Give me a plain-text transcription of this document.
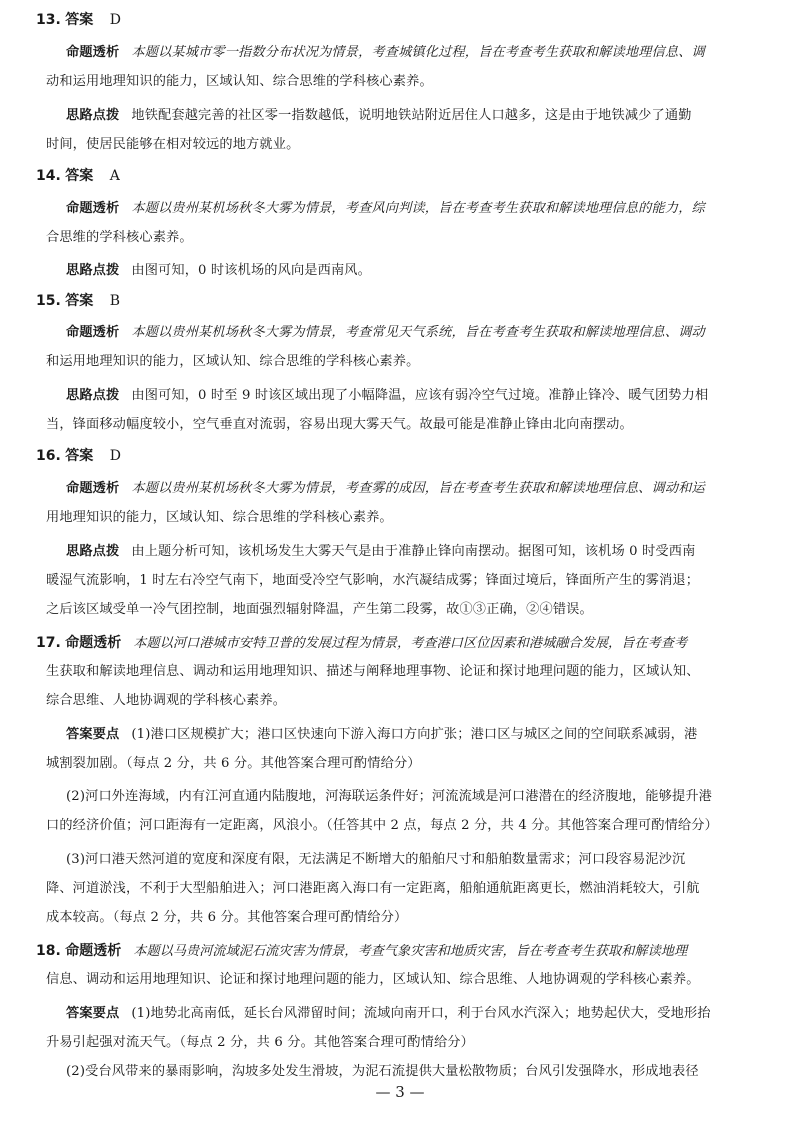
13. 答案 D
命题透析 本题以某城市零一指数分布状况为情景，考查城镇化过程，旨在考查考生获取和解读地理信息、调
动和运用地理知识的能力，区域认知、综合思维的学科核心素养。
思路点拨 地铁配套越完善的社区零一指数越低，说明地铁站附近居住人口越多，这是由于地铁减少了通勤
时间，使居民能够在相对较远的地方就业。
14. 答案 A
命题透析 本题以贵州某机场秋冬大雾为情景，考查风向判读，旨在考查考生获取和解读地理信息的能力，综
合思维的学科核心素养。
思路点拨 由图可知，0 时该机场的风向是西南风。
15. 答案 B
命题透析 本题以贵州某机场秋冬大雾为情景，考查常见天气系统，旨在考查考生获取和解读地理信息、调动
和运用地理知识的能力，区域认知、综合思维的学科核心素养。
思路点拨 由图可知，0 时至 9 时该区域出现了小幅降温，应该有弱冷空气过境。准静止锋冷、暖气团势力相
当，锋面移动幅度较小，空气垂直对流弱，容易出现大雾天气。故最可能是准静止锋由北向南摆动。
16. 答案 D
命题透析 本题以贵州某机场秋冬大雾为情景，考查雾的成因，旨在考查考生获取和解读地理信息、调动和运
用地理知识的能力，区域认知、综合思维的学科核心素养。
思路点拨 由上题分析可知，该机场发生大雾天气是由于准静止锋向南摆动。据图可知，该机场 0 时受西南
暖湿气流影响，1 时左右冷空气南下，地面受冷空气影响，水汽凝结成雾；锋面过境后，锋面所产生的雾消退；
之后该区域受单一冷气团控制，地面强烈辐射降温，产生第二段雾，故①③正确，②④错误。
17. 命题透析 本题以河口港城市安特卫普的发展过程为情景，考查港口区位因素和港城融合发展，旨在考查考
生获取和解读地理信息、调动和运用地理知识、描述与阐释地理事物、论证和探讨地理问题的能力，区域认知、
综合思维、人地协调观的学科核心素养。
答案要点 (1)港口区规模扩大；港口区快速向下游入海口方向扩张；港口区与城区之间的空间联系减弱，港
城割裂加剧。（每点 2 分，共 6 分。其他答案合理可酌情给分）
(2)河口外连海域，内有江河直通内陆腹地，河海联运条件好；河流流域是河口港潜在的经济腹地，能够提升港
口的经济价值；河口距海有一定距离，风浪小。（任答其中 2 点，每点 2 分，共 4 分。其他答案合理可酌情给分）
(3)河口港天然河道的宽度和深度有限，无法满足不断增大的船舶尺寸和船舶数量需求；河口段容易泥沙沉
降、河道淤浅，不利于大型船舶进入；河口港距离入海口有一定距离，船舶通航距离更长，燃油消耗较大，引航
成本较高。（每点 2 分，共 6 分。其他答案合理可酌情给分）
18. 命题透析 本题以马贵河流域泥石流灾害为情景，考查气象灾害和地质灾害，旨在考查考生获取和解读地理
信息、调动和运用地理知识、论证和探讨地理问题的能力，区域认知、综合思维、人地协调观的学科核心素养。
答案要点 (1)地势北高南低，延长台风滞留时间；流域向南开口，利于台风水汽深入；地势起伏大，受地形抬
升易引起强对流天气。（每点 2 分，共 6 分。其他答案合理可酌情给分）
(2)受台风带来的暴雨影响，沟坡多处发生滑坡，为泥石流提供大量松散物质；台风引发强降水，形成地表径
— 3 —
